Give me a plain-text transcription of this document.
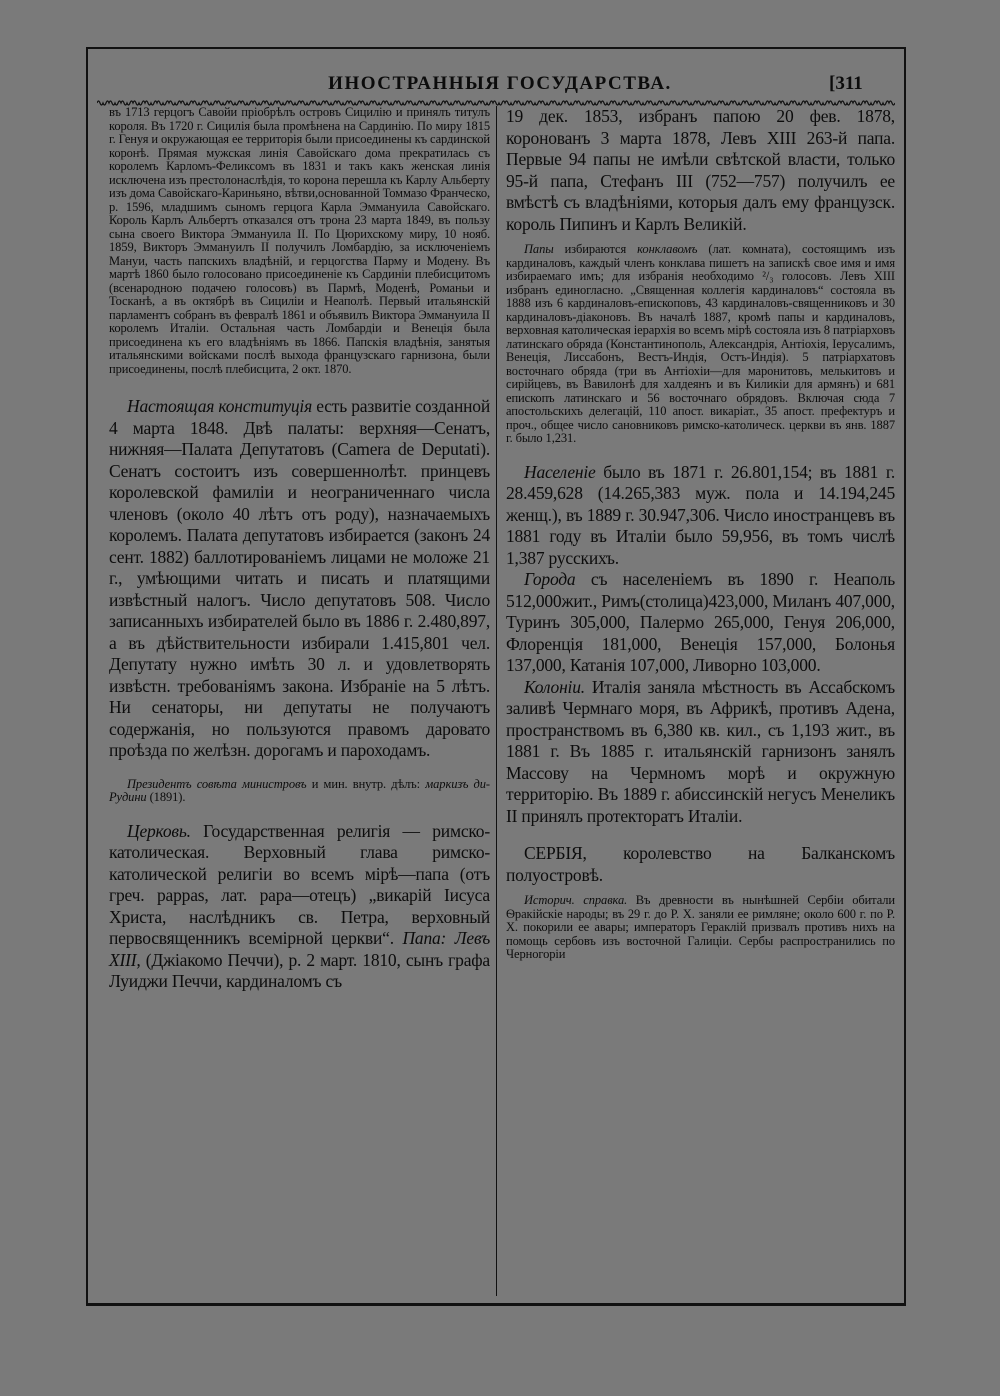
ИНОСТРАННЫЯ ГОСУДАРСТВА.	[311

въ 1713 герцогъ Савойи прiобрѣлъ островъ Сицилiю и принялъ титулъ короля. Въ 1720 г. Сицилiя была промѣнена на Сардинiю. По миру 1815 г. Генуя и окружающая ее территорiя были присоединены къ сардинской коронѣ. Прямая мужская линiя Савойскаго дома прекратилась съ королемъ Карломъ-Феликсомъ въ 1831 и такъ какъ женская линiя исключена изъ престолонаслѣдiя, то корона перешла къ Карлу Альберту изъ дома Савойскаго-Кариньяно, вѣтви,основанной Томмазо Франческо, р. 1596, младшимъ сыномъ герцога Карла Эммануила Савойскаго. Король Карлъ Альбертъ отказался отъ трона 23 марта 1849, въ пользу сына своего Виктора Эммануила II. По Цюрихскому миру, 10 нояб. 1859, Викторъ Эммануилъ II получилъ Ломбардiю, за исключенiемъ Мануи, часть папскихъ владѣнiй, и герцогства Парму и Модену. Въ мартѣ 1860 было голосовано присоединенiе къ Сардинiи плебисцитомъ (всенародною подачею голосовъ) въ Пармѣ, Моденѣ, Романьи и Тосканѣ, а въ октябрѣ въ Сицилiи и Неаполѣ. Первый итальянскiй парламентъ собранъ въ февралѣ 1861 и объявилъ Виктора Эммануила II королемъ Италiи. Остальная часть Ломбардiи и Венецiя была присоединена къ его владѣнiямъ въ 1866. Папскiя владѣнiя, занятыя итальянскими войсками послѣ выхода французскаго гарнизона, были присоединены, послѣ плебисцита, 2 окт. 1870.

Настоящая конституцiя есть развитiе созданной 4 марта 1848. Двѣ палаты: верхняя—Сенатъ, нижняя—Палата Депутатовъ (Camera de Deputati). Сенатъ состоитъ изъ совершеннолѣт. принцевъ королевской фамилiи и неограниченнаго числа членовъ (около 40 лѣтъ отъ роду), назначаемыхъ королемъ. Палата депутатовъ избирается (законъ 24 сент. 1882) баллотированiемъ лицами не моложе 21 г., умѣющими читать и писать и платящими извѣстный налогъ. Число депутатовъ 508. Число записанныхъ избирателей было въ 1886 г. 2.480,897, а въ дѣйствительности избирали 1.415,801 чел. Депутату нужно имѣть 30 л. и удовлетворять извѣстн. требованiямъ закона. Избранiе на 5 лѣтъ. Ни сенаторы, ни депутаты не получаютъ содержанiя, но пользуются правомъ даровато проѣзда по желѣзн. дорогамъ и пароходамъ.

Президентъ совѣта министровъ и мин. внутр. дѣлъ: маркизъ ди-Рудини (1891).

Церковь. Государственная религiя — римско-католическая. Верховный глава римско-католической религiи во всемъ мiрѣ—папа (отъ греч. pappas, лат. papa—отецъ) „викарiй Iисуса Христа, наслѣдникъ св. Петра, верховный первосвященникъ всемiрной церкви“. Папа: Левъ XIII, (Джiакомо Печчи), р. 2 март. 1810, сынъ графа Луиджи Печчи, кардиналомъ съ

19 дек. 1853, избранъ папою 20 фев. 1878, коронованъ 3 марта 1878, Левъ XIII 263-й папа. Первые 94 папы не имѣли свѣтской власти, только 95-й папа, Стефанъ III (752—757) получилъ ее вмѣстѣ съ владѣнiями, которыя далъ ему французск. король Пипинъ и Карлъ Великiй.

Папы избираются конклавомъ (лат. комната), состоящимъ изъ кардиналовъ, каждый членъ конклава пишетъ на запискѣ свое имя и имя избираемаго имъ; для избранiя необходимо ²/₃ голосовъ. Левъ XIII избранъ единогласно. „Священная коллегiя кардиналовъ“ состояла въ 1888 изъ 6 кардиналовъ-епископовъ, 43 кардиналовъ-священниковъ и 30 кардиналовъ-дiаконовъ. Въ началѣ 1887, кромѣ папы и кардиналовъ, верховная католическая iерархiя во всемъ мiрѣ состояла изъ 8 патрiарховъ латинскаго обряда (Константинополь, Александрiя, Антiохiя, Iерусалимъ, Венецiя, Лиссабонъ, Вестъ-Индiя, Остъ-Индiя). 5 патрiархатовъ восточнаго обряда (три въ Антiохiи—для маронитовъ, мелькитовъ и сирiйцевъ, въ Вавилонѣ для халдеянъ и въ Киликiи для армянъ) и 681 епископъ латинскаго и 56 восточнаго обрядовъ. Включая сюда 7 апостольскихъ делегацiй, 110 апост. викарiат., 35 апост. префектуръ и проч., общее число сановниковъ римско-католическ. церкви въ янв. 1887 г. было 1,231.

Населенiе было въ 1871 г. 26.801,154; въ 1881 г. 28.459,628 (14.265,383 муж. пола и 14.194,245 женщ.), въ 1889 г. 30.947,306. Число иностранцевъ въ 1881 году въ Италiи было 59,956, въ томъ числѣ 1,387 русскихъ.

Города съ населенiемъ въ 1890 г. Неаполь 512,000жит., Римъ(столица)423,000, Миланъ 407,000, Туринъ 305,000, Палермо 265,000, Генуя 206,000, Флоренцiя 181,000, Венецiя 157,000, Болонья 137,000, Катанiя 107,000, Ливорно 103,000.

Колонiи. Италiя заняла мѣстность въ Ассабскомъ заливѣ Чермнаго моря, въ Африкѣ, противъ Адена, пространствомъ въ 6,380 кв. кил., съ 1,193 жит., въ 1881 г. Въ 1885 г. итальянскiй гарнизонъ занялъ Массову на Чермномъ морѣ и окружную территорiю. Въ 1889 г. абиссинскiй негусъ Менеликъ II принялъ протекторатъ Италiи.

СЕРБIЯ, королевство на Балканскомъ полуостровѣ.

Историч. справка. Въ древности въ нынѣшней Сербiи обитали Ѳракiйскiе народы; въ 29 г. до Р. Х. заняли ее римляне; около 600 г. по Р. Х. покорили ее авары; императоръ Гераклiй призвалъ противъ нихъ на помощь сербовъ изъ восточной Галицiи. Сербы распространились по Черногорiи
